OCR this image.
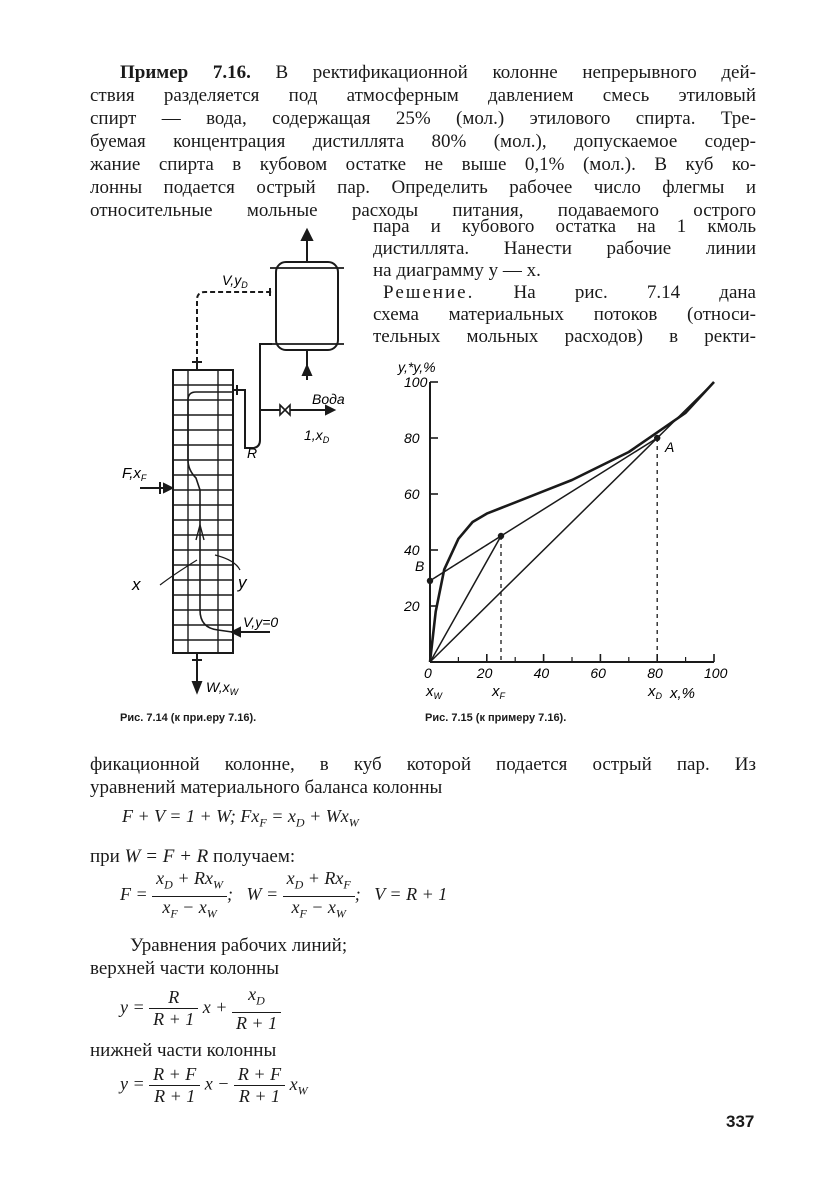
Пример 7.16. В ректификационной колонне непрерывного дей-
ствия разделяется под атмосферным давлением смесь этиловый
спирт — вода, содержащая 25% (мол.) этилового спирта. Тре-
буемая концентрация дистиллята 80% (мол.), допускаемое содер-
жание спирта в кубовом остатке не выше 0,1% (мол.). В куб ко-
лонны подается острый пар. Определить рабочее число флегмы и
относительные мольные расходы питания, подаваемого острого
пара и кубового остатка на 1 кмоль
дистиллята. Нанести рабочие линии
на диаграмму y — x.
Решение. На рис. 7.14 дана
схема материальных потоков (относи-
тельных мольных расходов) в ректи-
$V,y_D$
Вода
$1,x_D$
R
$F,x_F$
x	y
V,y=0
$W,x_W$
Рис. 7.14 (к при.еру 7.16).
0	20	40	60	80	100
20
40
60
80
100
y,*y,%
x,%
A
B
$x_W$	$x_F$	$x_D$
Рис. 7.15 (к примеру 7.16).
фикационной колонне, в куб которой подается острый пар. Из
уравнений материального баланса колонны
F + V = 1 + W; $Fx_F = x_D + Wx_W$
при W = F + R получаем:
$F = \frac{x_D + Rx_W}{x_F - x_W}$ ;   $W = \frac{x_D + Rx_F}{x_F - x_W}$ ;   V = R + 1
Уравнения рабочих линий;
верхней части колонны
$y = \frac{R}{R + 1}$ $x + \frac{x_D}{R + 1}$
нижней части колонны
$y = \frac{R + F}{R + 1}$ $x - \frac{R + F}{R + 1} x_W$
337
